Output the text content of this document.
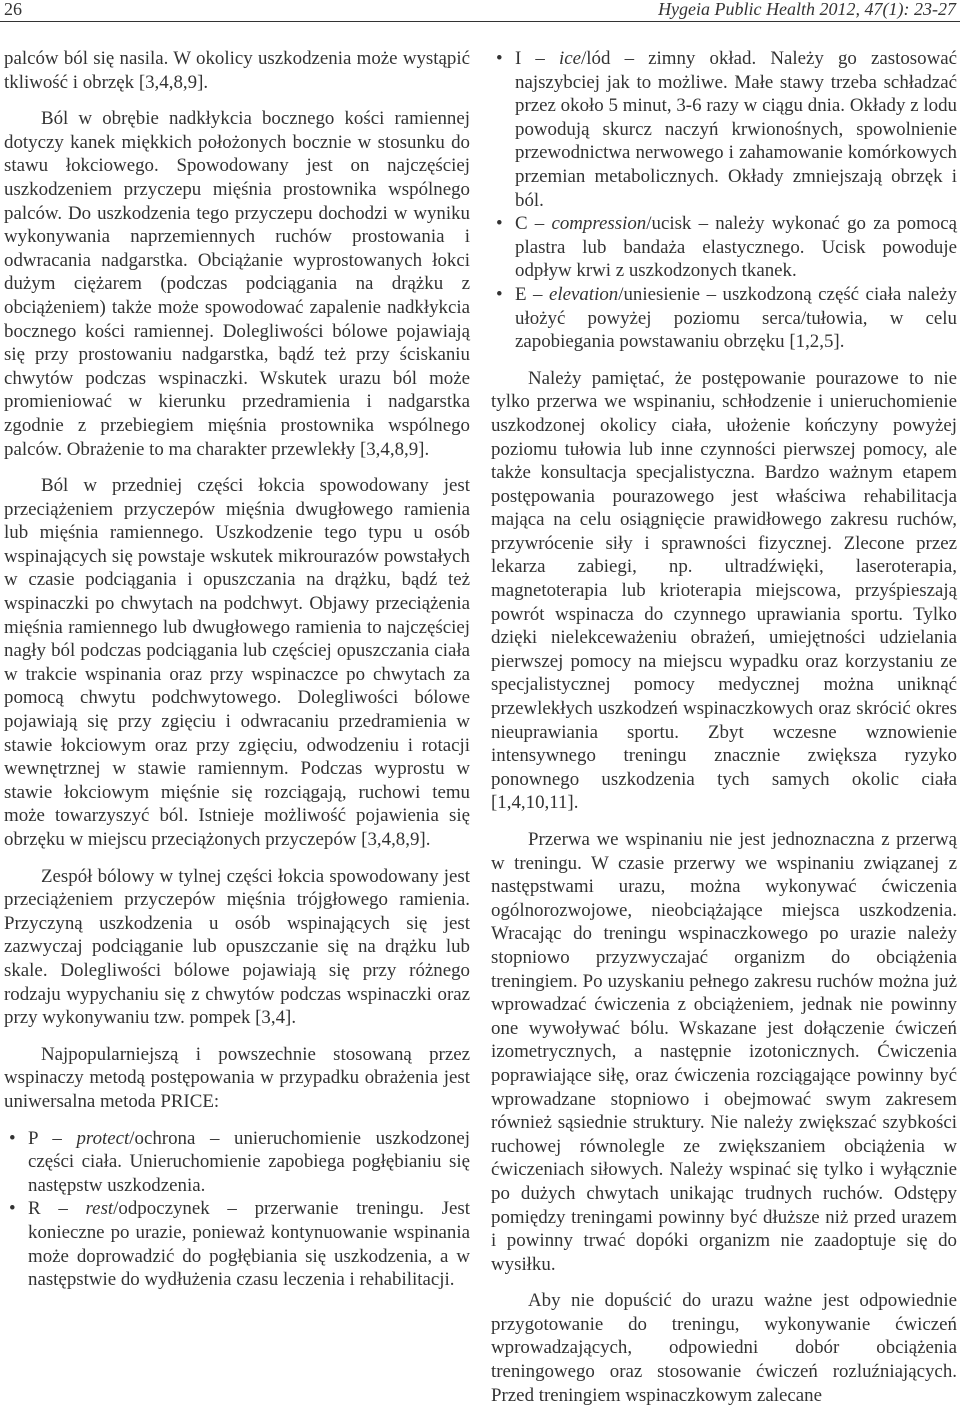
26	Hygeia Public Health 2012, 47(1): 23-27

palców ból się nasila. W okolicy uszkodzenia może wystąpić tkliwość i obrzęk [3,4,8,9].

Ból w obrębie nadkłykcia bocznego kości ramiennej dotyczy kanek miękkich położonych bocznie w stosunku do stawu łokciowego. Spowodowany jest on najczęściej uszkodzeniem przyczepu mięśnia prostownika wspólnego palców. Do uszkodzenia tego przyczepu dochodzi w wyniku wykonywania naprzemiennych ruchów prostowania i odwracania nadgarstka. Obciążanie wyprostowanych łokci dużym ciężarem (podczas podciągania na drążku z obciążeniem) także może spowodować zapalenie nadkłykcia bocznego kości ramiennej. Dolegliwości bólowe pojawiają się przy prostowaniu nadgarstka, bądź też przy ściskaniu chwytów podczas wspinaczki. Wskutek urazu ból może promieniować w kierunku przedramienia i nadgarstka zgodnie z przebiegiem mięśnia prostownika wspólnego palców. Obrażenie to ma charakter przewlekły [3,4,8,9].

Ból w przedniej części łokcia spowodowany jest przeciążeniem przyczepów mięśnia dwugłowego ramienia lub mięśnia ramiennego. Uszkodzenie tego typu u osób wspinających się powstaje wskutek mikrourazów powstałych w czasie podciągania i opuszczania na drążku, bądź też wspinaczki po chwytach na podchwyt. Objawy przeciążenia mięśnia ramiennego lub dwugłowego ramienia to najczęściej nagły ból podczas podciągania lub częściej opuszczania ciała w trakcie wspinania oraz przy wspinaczce po chwytach za pomocą chwytu podchwytowego. Dolegliwości bólowe pojawiają się przy zgięciu i odwracaniu przedramienia w stawie łokciowym oraz przy zgięciu, odwodzeniu i rotacji wewnętrznej w stawie ramiennym. Podczas wyprostu w stawie łokciowym mięśnie się rozciągają, ruchowi temu może towarzyszyć ból. Istnieje możliwość pojawienia się obrzęku w miejscu przeciążonych przyczepów [3,4,8,9].

Zespół bólowy w tylnej części łokcia spowodowany jest przeciążeniem przyczepów mięśnia trójgłowego ramienia. Przyczyną uszkodzenia u osób wspinających się jest zazwyczaj podciąganie lub opuszczanie się na drążku lub skale. Dolegliwości bólowe pojawiają się przy różnego rodzaju wypychaniu się z chwytów podczas wspinaczki oraz przy wykonywaniu tzw. pompek [3,4].

Najpopularniejszą i powszechnie stosowaną przez wspinaczy metodą postępowania w przypadku obrażenia jest uniwersalna metoda PRICE:

• P – protect/ochrona – unieruchomienie uszkodzonej części ciała. Unieruchomienie zapobiega pogłębianiu się następstw uszkodzenia.
• R – rest/odpoczynek – przerwanie treningu. Jest konieczne po urazie, ponieważ kontynuowanie wspinania może doprowadzić do pogłębiania się uszkodzenia, a w następstwie do wydłużenia czasu leczenia i rehabilitacji.
• I – ice/lód – zimny okład. Należy go zastosować najszybciej jak to możliwe. Małe stawy trzeba schładzać przez około 5 minut, 3-6 razy w ciągu dnia. Okłady z lodu powodują skurcz naczyń krwionośnych, spowolnienie przewodnictwa nerwowego i zahamowanie komórkowych przemian metabolicznych. Okłady zmniejszają obrzęk i ból.
• C – compression/ucisk – należy wykonać go za pomocą plastra lub bandaża elastycznego. Ucisk powoduje odpływ krwi z uszkodzonych tkanek.
• E – elevation/uniesienie – uszkodzoną część ciała należy ułożyć powyżej poziomu serca/tułowia, w celu zapobiegania powstawaniu obrzęku [1,2,5].

Należy pamiętać, że postępowanie pourazowe to nie tylko przerwa we wspinaniu, schłodzenie i unieruchomienie uszkodzonej okolicy ciała, ułożenie kończyny powyżej poziomu tułowia lub inne czynności pierwszej pomocy, ale także konsultacja specjalistyczna. Bardzo ważnym etapem postępowania pourazowego jest właściwa rehabilitacja mająca na celu osiągnięcie prawidłowego zakresu ruchów, przywrócenie siły i sprawności fizycznej. Zlecone przez lekarza zabiegi, np. ultradźwięki, laseroterapia, magnetoterapia lub krioterapia miejscowa, przyśpieszają powrót wspinacza do czynnego uprawiania sportu. Tylko dzięki nielekceważeniu obrażeń, umiejętności udzielania pierwszej pomocy na miejscu wypadku oraz korzystaniu ze specjalistycznej pomocy medycznej można uniknąć przewlekłych uszkodzeń wspinaczkowych oraz skrócić okres nieuprawiania sportu. Zbyt wczesne wznowienie intensywnego treningu znacznie zwiększa ryzyko ponownego uszkodzenia tych samych okolic ciała [1,4,10,11].

Przerwa we wspinaniu nie jest jednoznaczna z przerwą w treningu. W czasie przerwy we wspinaniu związanej z następstwami urazu, można wykonywać ćwiczenia ogólnorozwojowe, nieobciążające miejsca uszkodzenia. Wracając do treningu wspinaczkowego po urazie należy stopniowo przyzwyczajać organizm do obciążenia treningiem. Po uzyskaniu pełnego zakresu ruchów można już wprowadzać ćwiczenia z obciążeniem, jednak nie powinny one wywoływać bólu. Wskazane jest dołączenie ćwiczeń izometrycznych, a następnie izotonicznych. Ćwiczenia poprawiające siłę, oraz ćwiczenia rozciągające powinny być wprowadzane stopniowo i obejmować swym zakresem również sąsiednie struktury. Nie należy zwiększać szybkości ruchowej równolegle ze zwiększaniem obciążenia w ćwiczeniach siłowych. Należy wspinać się tylko i wyłącznie po dużych chwytach unikając trudnych ruchów. Odstępy pomiędzy treningami powinny być dłuższe niż przed urazem i powinny trwać dopóki organizm nie zaadoptuje się do wysiłku.

Aby nie dopuścić do urazu ważne jest odpowiednie przygotowanie do treningu, wykonywanie ćwiczeń wprowadzających, odpowiedni dobór obciążenia treningowego oraz stosowanie ćwiczeń rozluźniających. Przed treningiem wspinaczkowym zalecane
